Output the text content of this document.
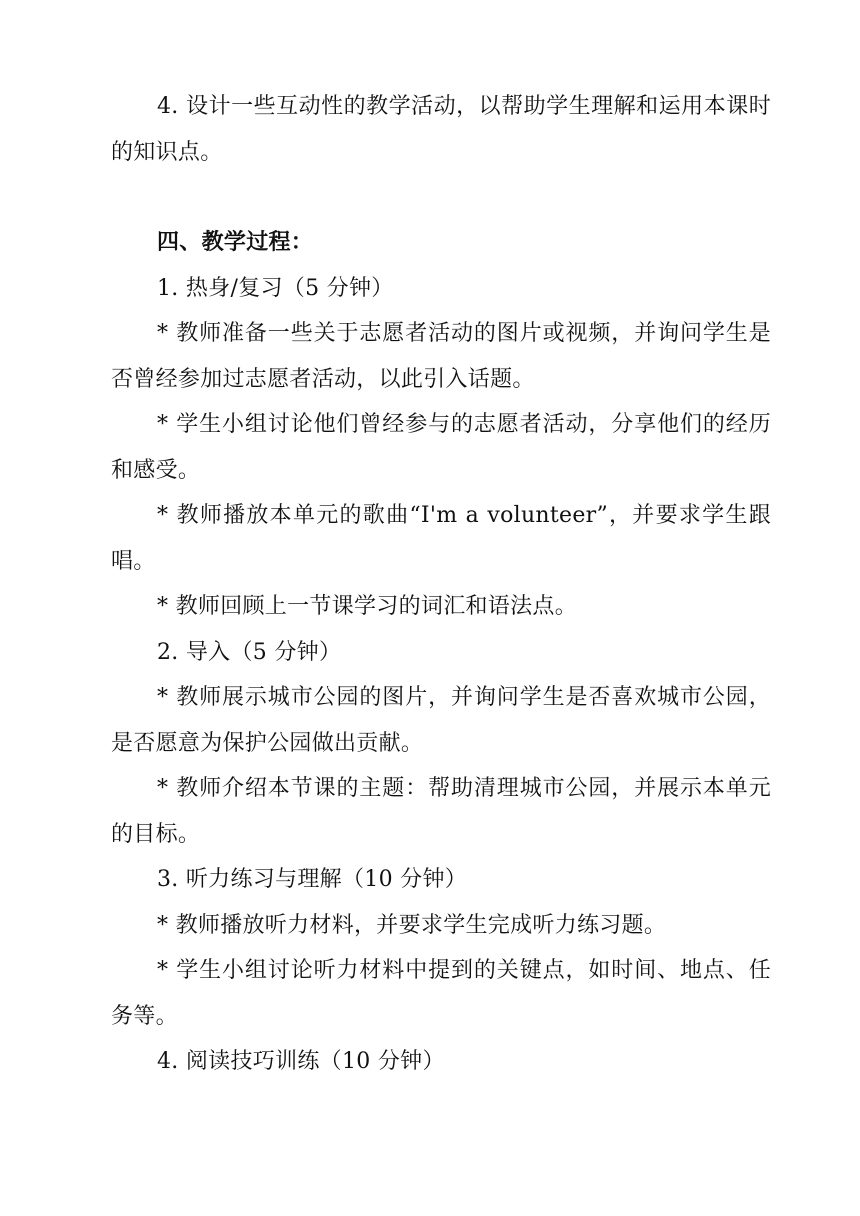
4. 设计一些互动性的教学活动，以帮助学生理解和运用本课时的知识点。

四、教学过程：

1. 热身/复习（5 分钟）

* 教师准备一些关于志愿者活动的图片或视频，并询问学生是否曾经参加过志愿者活动，以此引入话题。

* 学生小组讨论他们曾经参与的志愿者活动，分享他们的经历和感受。

* 教师播放本单元的歌曲“I'm a volunteer”，并要求学生跟唱。

* 教师回顾上一节课学习的词汇和语法点。

2. 导入（5 分钟）

* 教师展示城市公园的图片，并询问学生是否喜欢城市公园，是否愿意为保护公园做出贡献。

* 教师介绍本节课的主题：帮助清理城市公园，并展示本单元的目标。

3. 听力练习与理解（10 分钟）

* 教师播放听力材料，并要求学生完成听力练习题。

* 学生小组讨论听力材料中提到的关键点，如时间、地点、任务等。

4. 阅读技巧训练（10 分钟）
